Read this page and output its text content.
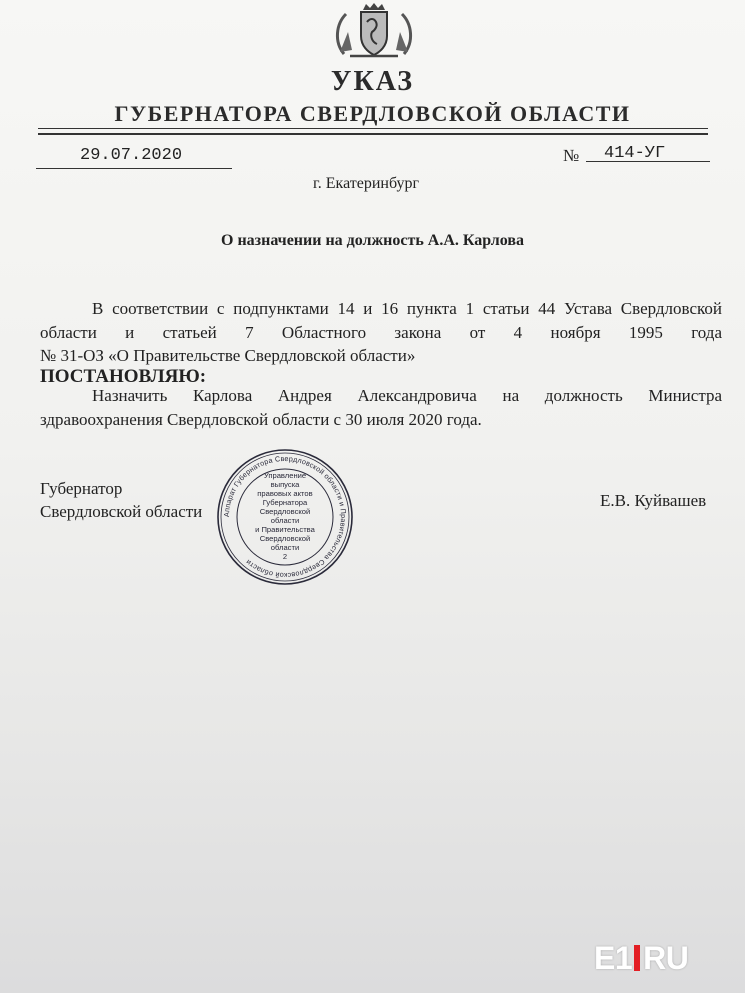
УКАЗ
ГУБЕРНАТОРА СВЕРДЛОВСКОЙ ОБЛАСТИ
29.07.2020	№ 414-УГ
г. Екатеринбург
О назначении на должность А.А. Карлова
В соответствии с подпунктами 14 и 16 пункта 1 статьи 44 Устава Свердловской области и статьей 7 Областного закона от 4 ноября 1995 года
№ 31-ОЗ «О Правительстве Свердловской области»
ПОСТАНОВЛЯЮ:
Назначить Карлова Андрея Александровича на должность Министра
здравоохранения Свердловской области с 30 июля 2020 года.
Губернатор
Свердловской области
Е.В. Куйвашев
Аппарат Губернатора Свердловской области и Правительства Свердловской области
Управление
выпуска
правовых актов
Губернатора
Свердловской области
и Правительства
Свердловской
области
2
E1 RU
